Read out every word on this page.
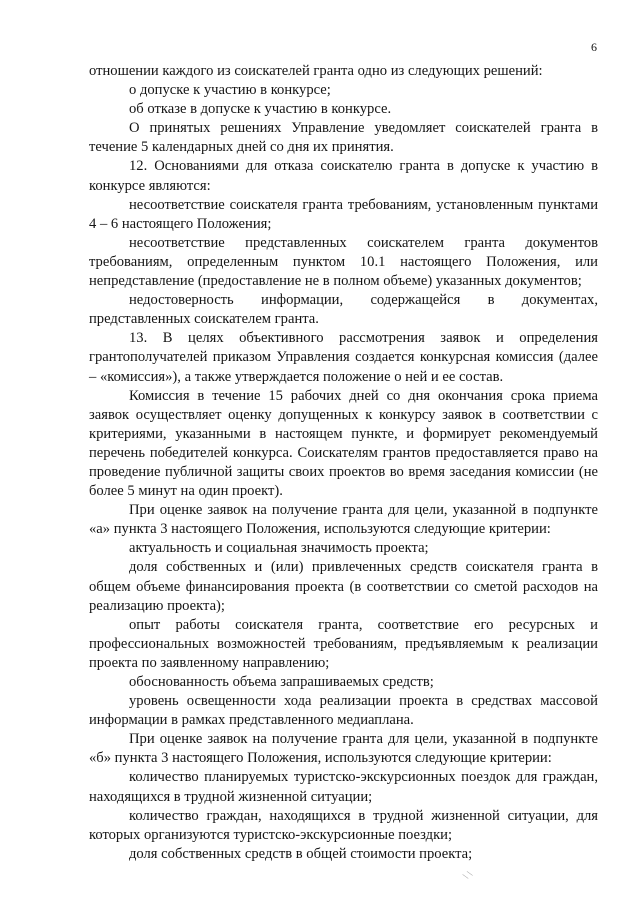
6

отношении каждого из соискателей гранта одно из следующих решений:

о допуске к участию в конкурсе;

об отказе в допуске к участию в конкурсе.

О принятых решениях Управление уведомляет соискателей гранта в течение 5 календарных дней со дня их принятия.

12. Основаниями для отказа соискателю гранта в допуске к участию в конкурсе являются:

несоответствие соискателя гранта требованиям, установленным пунктами 4 – 6 настоящего Положения;

несоответствие представленных соискателем гранта документов требованиям, определенным пунктом 10.1 настоящего Положения, или непредставление (предоставление не в полном объеме) указанных документов;

недостоверность информации, содержащейся в документах, представленных соискателем гранта.

13. В целях объективного рассмотрения заявок и определения грантополучателей приказом Управления создается конкурсная комиссия (далее – «комиссия»), а также утверждается положение о ней и ее состав.

Комиссия в течение 15 рабочих дней со дня окончания срока приема заявок осуществляет оценку допущенных к конкурсу заявок в соответствии с критериями, указанными в настоящем пункте, и формирует рекомендуемый перечень победителей конкурса. Соискателям грантов предоставляется право на проведение публичной защиты своих проектов во время заседания комиссии (не более 5 минут на один проект).

При оценке заявок на получение гранта для цели, указанной в подпункте «а» пункта 3 настоящего Положения, используются следующие критерии:

актуальность и социальная значимость проекта;

доля собственных и (или) привлеченных средств соискателя гранта в общем объеме финансирования проекта (в соответствии со сметой расходов на реализацию проекта);

опыт работы соискателя гранта, соответствие его ресурсных и профессиональных возможностей требованиям, предъявляемым к реализации проекта по заявленному направлению;

обоснованность объема запрашиваемых средств;

уровень освещенности хода реализации проекта в средствах массовой информации в рамках представленного медиаплана.

При оценке заявок на получение гранта для цели, указанной в подпункте «б» пункта 3 настоящего Положения, используются следующие критерии:

количество планируемых туристско-экскурсионных поездок для граждан, находящихся в трудной жизненной ситуации;

количество граждан, находящихся в трудной жизненной ситуации, для которых организуются туристско-экскурсионные поездки;

доля собственных средств в общей стоимости проекта;

\ \
